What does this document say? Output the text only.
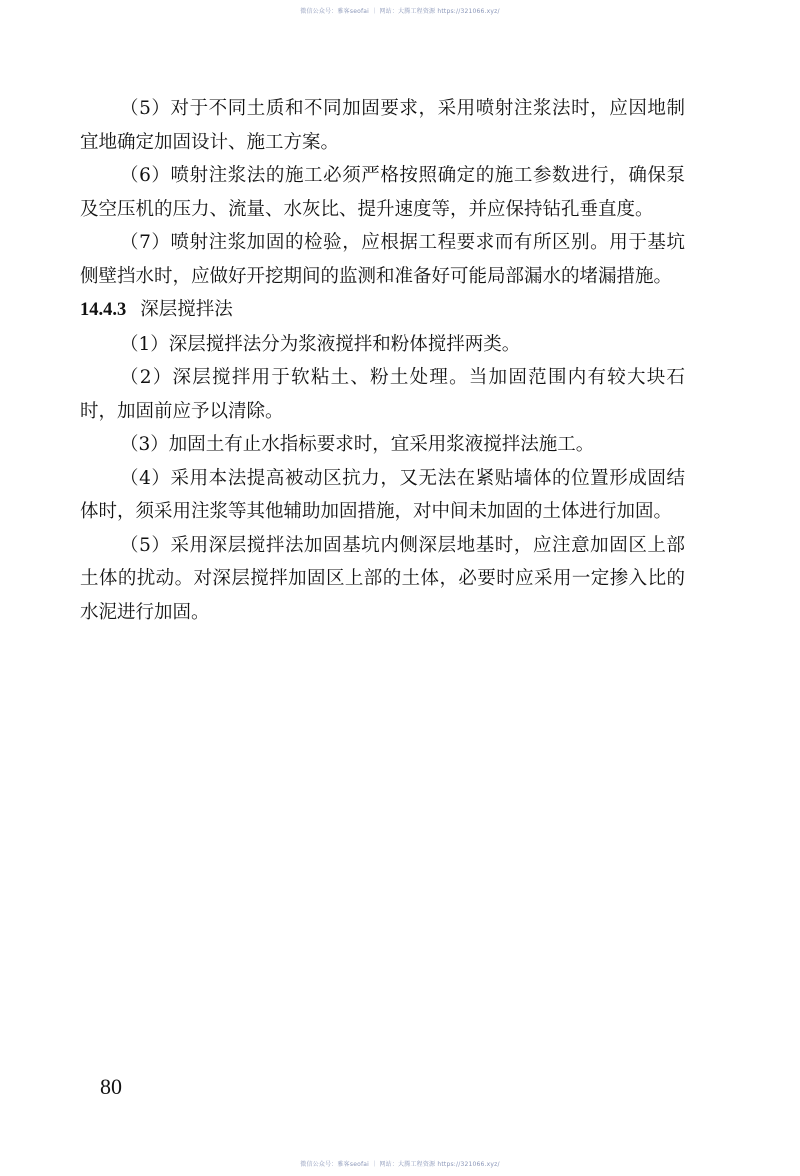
微信公众号：雅客seofai ｜ 网站：大腾工程资源 https://321066.xyz/

（5）对于不同土质和不同加固要求，采用喷射注浆法时，应因地制宜地确定加固设计、施工方案。

（6）喷射注浆法的施工必须严格按照确定的施工参数进行，确保泵及空压机的压力、流量、水灰比、提升速度等，并应保持钻孔垂直度。

（7）喷射注浆加固的检验，应根据工程要求而有所区别。用于基坑侧壁挡水时，应做好开挖期间的监测和准备好可能局部漏水的堵漏措施。

14.4.3 深层搅拌法

（1）深层搅拌法分为浆液搅拌和粉体搅拌两类。

（2）深层搅拌用于软粘土、粉土处理。当加固范围内有较大块石时，加固前应予以清除。

（3）加固土有止水指标要求时，宜采用浆液搅拌法施工。

（4）采用本法提高被动区抗力，又无法在紧贴墙体的位置形成固结体时，须采用注浆等其他辅助加固措施，对中间未加固的土体进行加固。

（5）采用深层搅拌法加固基坑内侧深层地基时，应注意加固区上部土体的扰动。对深层搅拌加固区上部的土体，必要时应采用一定掺入比的水泥进行加固。

80
微信公众号：雅客seofai ｜ 网站：大腾工程资源 https://321066.xyz/
